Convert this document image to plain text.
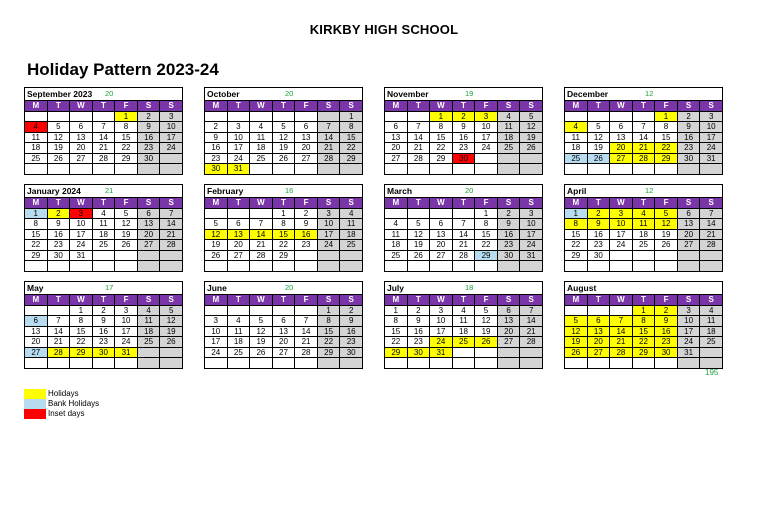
KIRKBY HIGH SCHOOL
Holiday Pattern 2023-24
September 2023 20
M	T	W	T	F	S	S
				1	2	3
4	5	6	7	8	9	10
11	12	13	14	15	16	17
18	19	20	21	22	23	24
25	26	27	28	29	30	

October	20
M	T	W	T	F	S	S
						1
2	3	4	5	6	7	8
9	10	11	12	13	14	15
16	17	18	19	20	21	22
23	24	25	26	27	28	29
30	31					
November	19
M	T	W	T	F	S	S
		1	2	3	4	5
6	7	8	9	10	11	12
13	14	15	16	17	18	19
20	21	22	23	24	25	26
27	28	29	30			

December	12
M	T	W	T	F	S	S
				1	2	3
4	5	6	7	8	9	10
11	12	13	14	15	16	17
18	19	20	21	22	23	24
25	26	27	28	29	30	31

January 2024	21
M	T	W	T	F	S	S
1	2	3	4	5	6	7
8	9	10	11	12	13	14
15	16	17	18	19	20	21
22	23	24	25	26	27	28
29	30	31				

February	16
M	T	W	T	F	S	S
			1	2	3	4
5	6	7	8	9	10	11
12	13	14	15	16	17	18
19	20	21	22	23	24	25
26	27	28	29			

March	20
M	T	W	T	F	S	S
				1	2	3
4	5	6	7	8	9	10
11	12	13	14	15	16	17
18	19	20	21	22	23	24
25	26	27	28	29	30	31

April	12
M	T	W	T	F	S	S
1	2	3	4	5	6	7
8	9	10	11	12	13	14
15	16	17	18	19	20	21
22	23	24	25	26	27	28
29	30					

May	17
M	T	W	T	F	S	S
		1	2	3	4	5
6	7	8	9	10	11	12
13	14	15	16	17	18	19
20	21	22	23	24	25	26
27	28	29	30	31		

June	20
M	T	W	T	F	S	S
					1	2
3	4	5	6	7	8	9
10	11	12	13	14	15	16
17	18	19	20	21	22	23
24	25	26	27	28	29	30

July	18
M	T	W	T	F	S	S
1	2	3	4	5	6	7
8	9	10	11	12	13	14
15	16	17	18	19	20	21
22	23	24	25	26	27	28
29	30	31				

August
M	T	W	T	F	S	S
			1	2	3	4
5	6	7	8	9	10	11
12	13	14	15	16	17	18
19	20	21	22	23	24	25
26	27	28	29	30	31	

Holidays
Bank Holidays
Inset days
195
